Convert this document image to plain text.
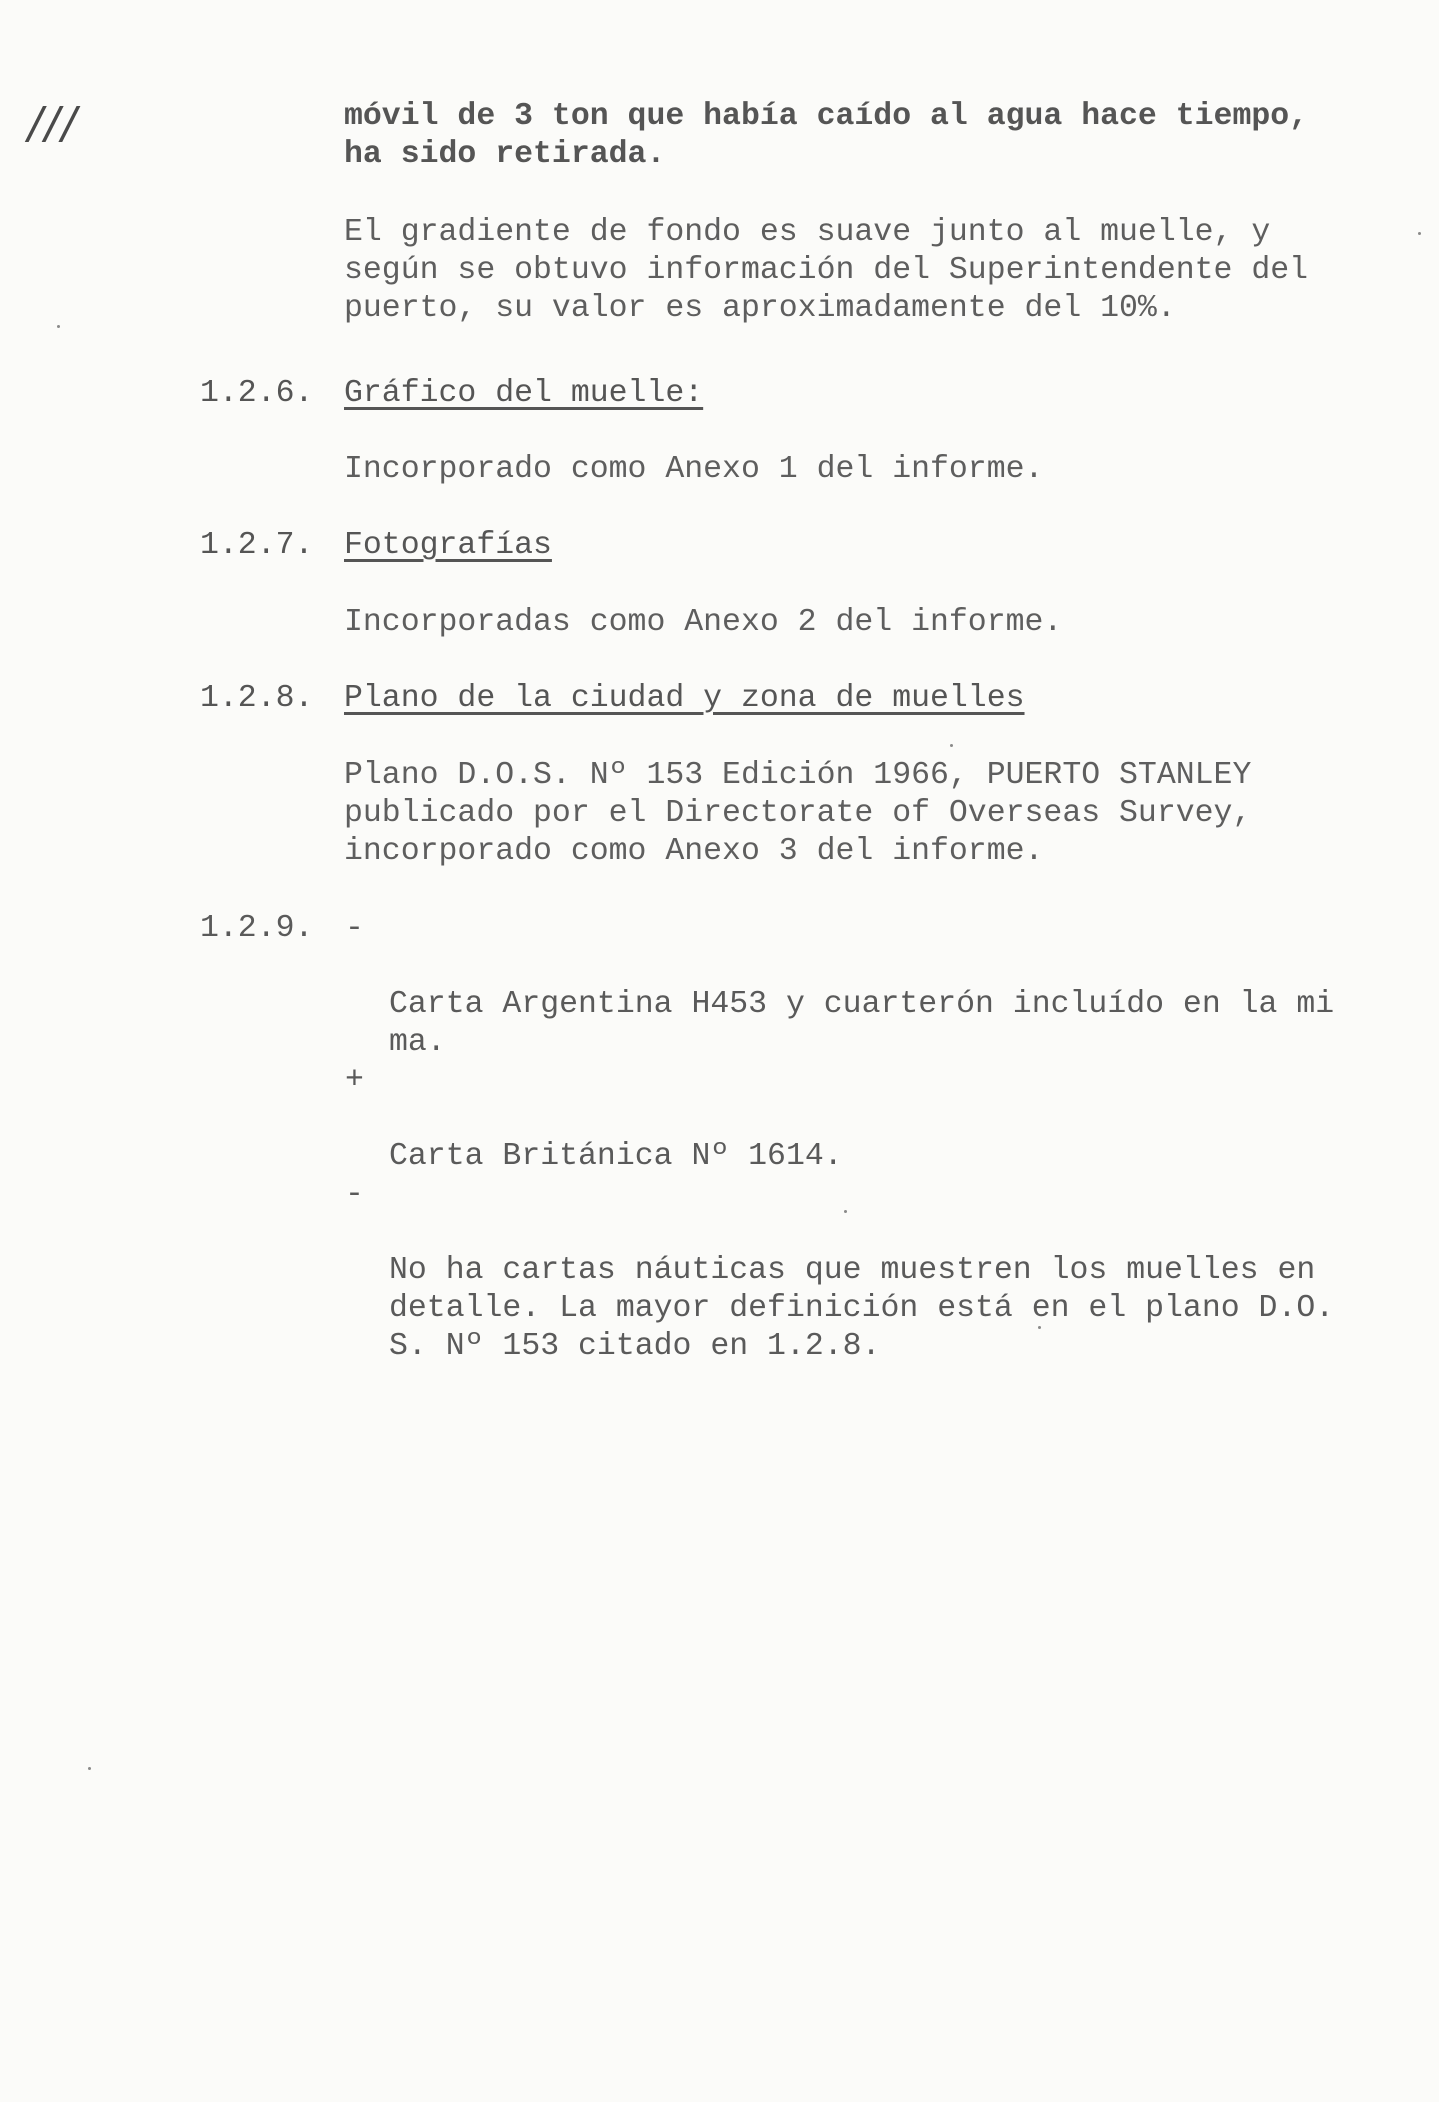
///	móvil de 3 ton que había caído al agua hace tiempo,
ha sido retirada.
El gradiente de fondo es suave junto al muelle, y
según se obtuvo información del Superintendente del
puerto, su valor es aproximadamente del 10%.
1.2.6. Gráfico del muelle:
Incorporado como Anexo 1 del informe.
1.2.7. Fotografías
Incorporadas como Anexo 2 del informe.
1.2.8. Plano de la ciudad y zona de muelles
Plano D.O.S. Nº 153 Edición 1966, PUERTO STANLEY
publicado por el Directorate of Overseas Survey,
incorporado como Anexo 3 del informe.
1.2.9.	-

Carta Argentina H453 y cuarterón incluído en la mi
ma.

+

Carta Británica Nº 1614.

-

No ha cartas náuticas que muestren los muelles en
detalle. La mayor definición está en el plano D.O.
S. Nº 153 citado en 1.2.8.
